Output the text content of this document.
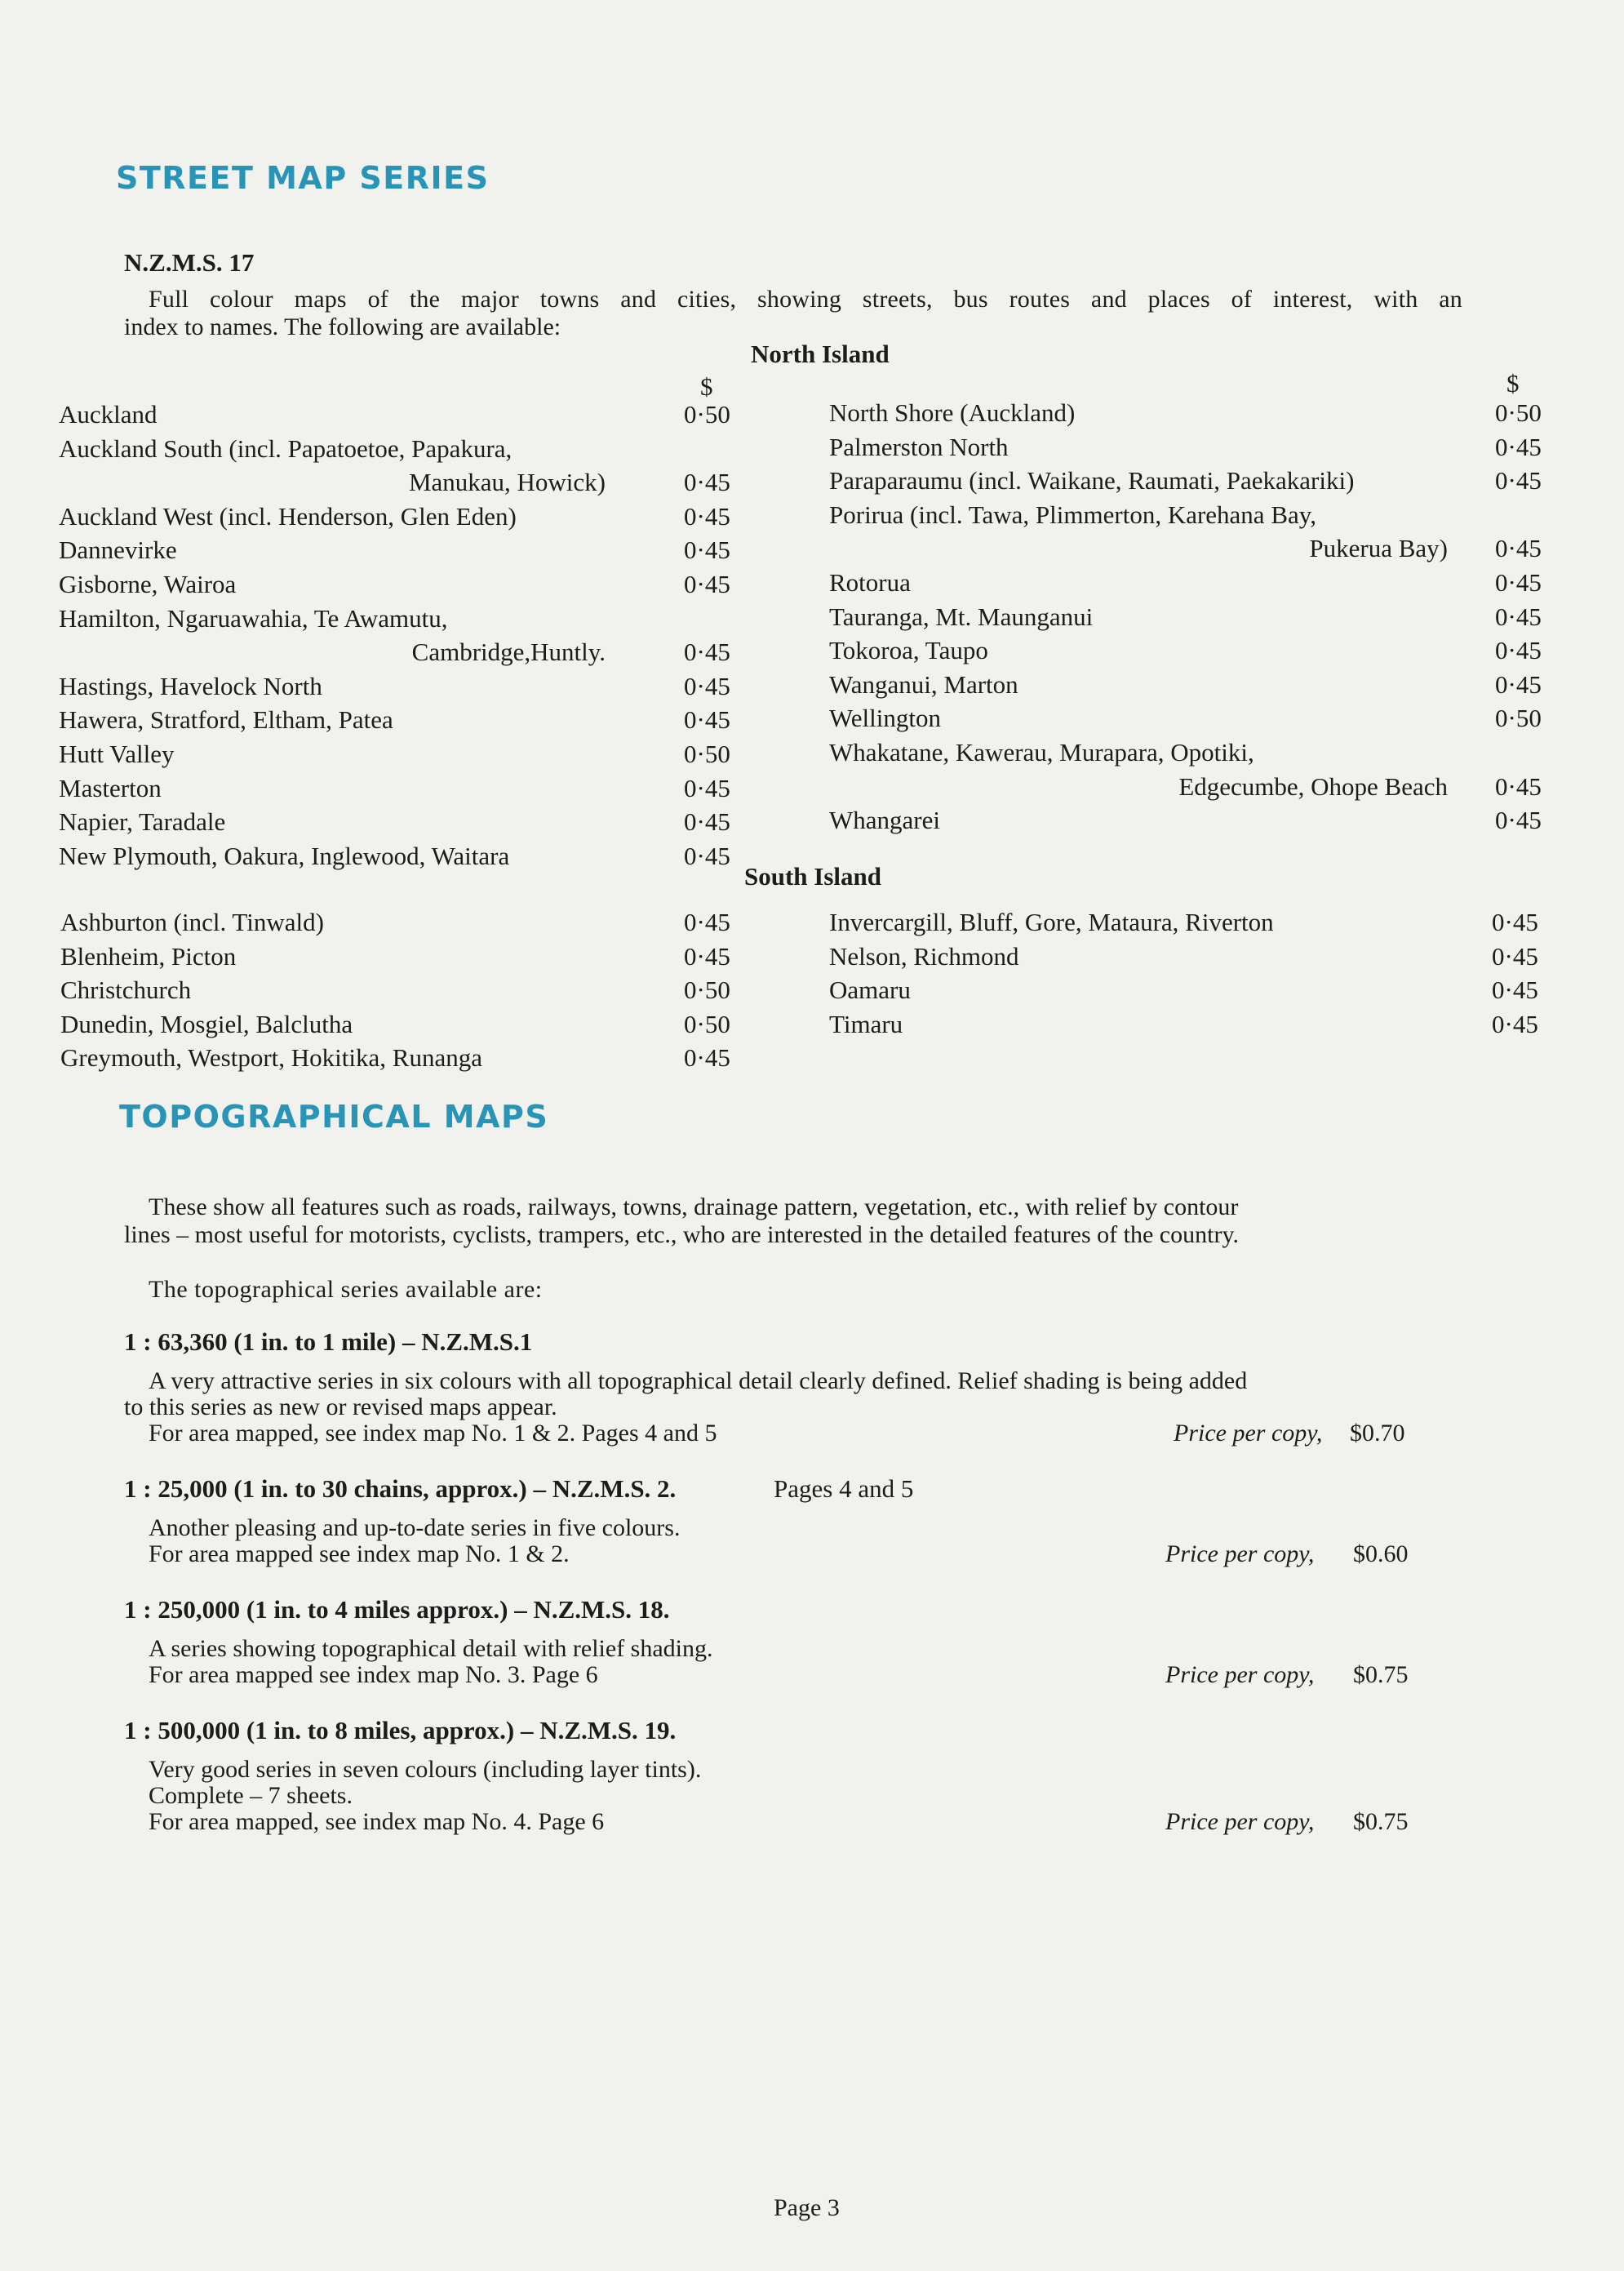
STREET MAP SERIES
N.Z.M.S. 17
Full colour maps of the major towns and cities, showing streets, bus routes and places of interest, with an
index to names. The following are available:
North Island
$	$
Auckland	0·50
Auckland South (incl. Papatoetoe, Papakura,
Manukau, Howick)	0·45
Auckland West (incl. Henderson, Glen Eden)	0·45
Dannevirke	0·45
Gisborne, Wairoa	0·45
Hamilton, Ngaruawahia, Te Awamutu,
Cambridge,Huntly.	0·45
Hastings, Havelock North	0·45
Hawera, Stratford, Eltham, Patea	0·45
Hutt Valley	0·50
Masterton	0·45
Napier, Taradale	0·45
New Plymouth, Oakura, Inglewood, Waitara	0·45
North Shore (Auckland)	0·50
Palmerston North	0·45
Paraparaumu (incl. Waikane, Raumati, Paekakariki)	0·45
Porirua (incl. Tawa, Plimmerton, Karehana Bay,
Pukerua Bay) 0·45
Rotorua	0·45
Tauranga, Mt. Maunganui	0·45
Tokoroa, Taupo	0·45
Wanganui, Marton	0·45
Wellington	0·50
Whakatane, Kawerau, Murapara, Opotiki,
Edgecumbe, Ohope Beach 0·45
Whangarei	0·45
South Island
Ashburton (incl. Tinwald)	0·45
Blenheim, Picton	0·45
Christchurch	0·50
Dunedin, Mosgiel, Balclutha	0·50
Greymouth, Westport, Hokitika, Runanga	0·45
Invercargill, Bluff, Gore, Mataura, Riverton	0·45
Nelson, Richmond	0·45
Oamaru	0·45
Timaru	0·45
TOPOGRAPHICAL MAPS
These show all features such as roads, railways, towns, drainage pattern, vegetation, etc., with relief by contour
lines – most useful for motorists, cyclists, trampers, etc., who are interested in the detailed features of the country.
The topographical series available are:
1 : 63,360 (1 in. to 1 mile) – N.Z.M.S.1
A very attractive series in six colours with all topographical detail clearly defined. Relief shading is being added
to this series as new or revised maps appear.
For area mapped, see index map No. 1 & 2. Pages 4 and 5	Price per copy, $0.70
1 : 25,000 (1 in. to 30 chains, approx.) – N.Z.M.S. 2.	Pages 4 and 5
Another pleasing and up-to-date series in five colours.
For area mapped see index map No. 1 & 2.	Price per copy, $0.60
1 : 250,000 (1 in. to 4 miles approx.) – N.Z.M.S. 18.
A series showing topographical detail with relief shading.
For area mapped see index map No. 3. Page 6	Price per copy, $0.75
1 : 500,000 (1 in. to 8 miles, approx.) – N.Z.M.S. 19.
Very good series in seven colours (including layer tints).
Complete – 7 sheets.
For area mapped, see index map No. 4. Page 6	Price per copy, $0.75
Page 3
